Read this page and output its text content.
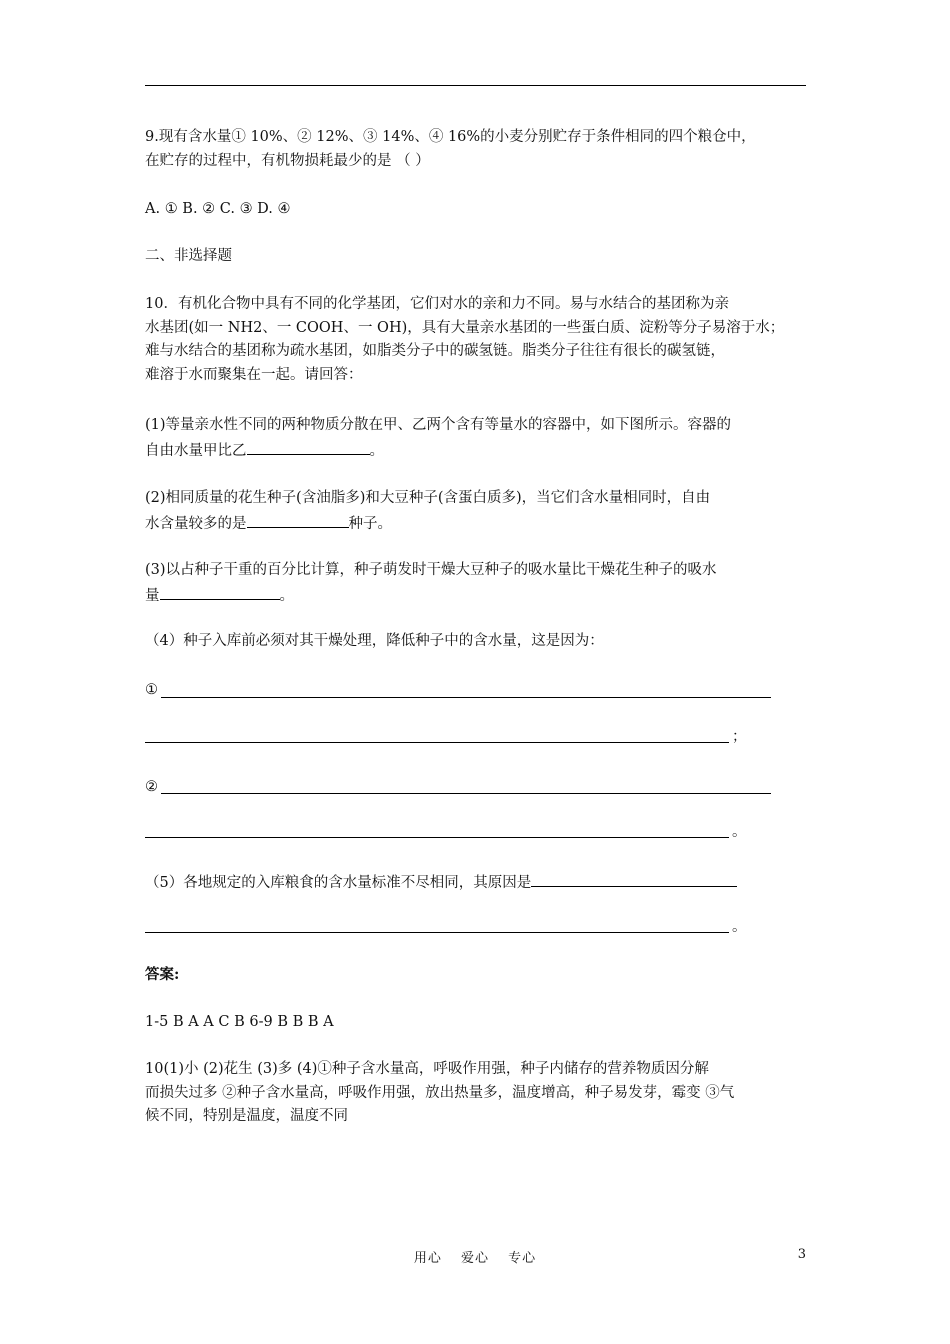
9.现有含水量① 10%、② 12%、③ 14%、④ 16%的小麦分别贮存于条件相同的四个粮仓中，
在贮存的过程中，有机物损耗最少的是 （ ）
A. ① B. ② C. ③ D. ④
二、非选择题
10．有机化合物中具有不同的化学基团，它们对水的亲和力不同。易与水结合的基团称为亲
水基团(如一 NH2、一 COOH、一 OH)，具有大量亲水基团的一些蛋白质、淀粉等分子易溶于水；
难与水结合的基团称为疏水基团，如脂类分子中的碳氢链。脂类分子往往有很长的碳氢链，
难溶于水而聚集在一起。请回答：
(1)等量亲水性不同的两种物质分散在甲、乙两个含有等量水的容器中，如下图所示。容器的
自由水量甲比乙	。
(2)相同质量的花生种子(含油脂多)和大豆种子(含蛋白质多)，当它们含水量相同时，自由
水含量较多的是	种子。
(3)以占种子干重的百分比计算，种子萌发时干燥大豆种子的吸水量比干燥花生种子的吸水
量	。
（4）种子入库前必须对其干燥处理，降低种子中的含水量，这是因为：
①
；
②
。
（5）各地规定的入库粮食的含水量标准不尽相同，其原因是
。
答案:
1-5 B A A C B 6-9 B B B A
10(1)小 (2)花生 (3)多 (4)①种子含水量高，呼吸作用强，种子内储存的营养物质因分解
而损失过多 ②种子含水量高，呼吸作用强，放出热量多，温度增高，种子易发芽，霉变 ③气
候不同，特别是温度，温度不同
用心 爱心 专心	3
